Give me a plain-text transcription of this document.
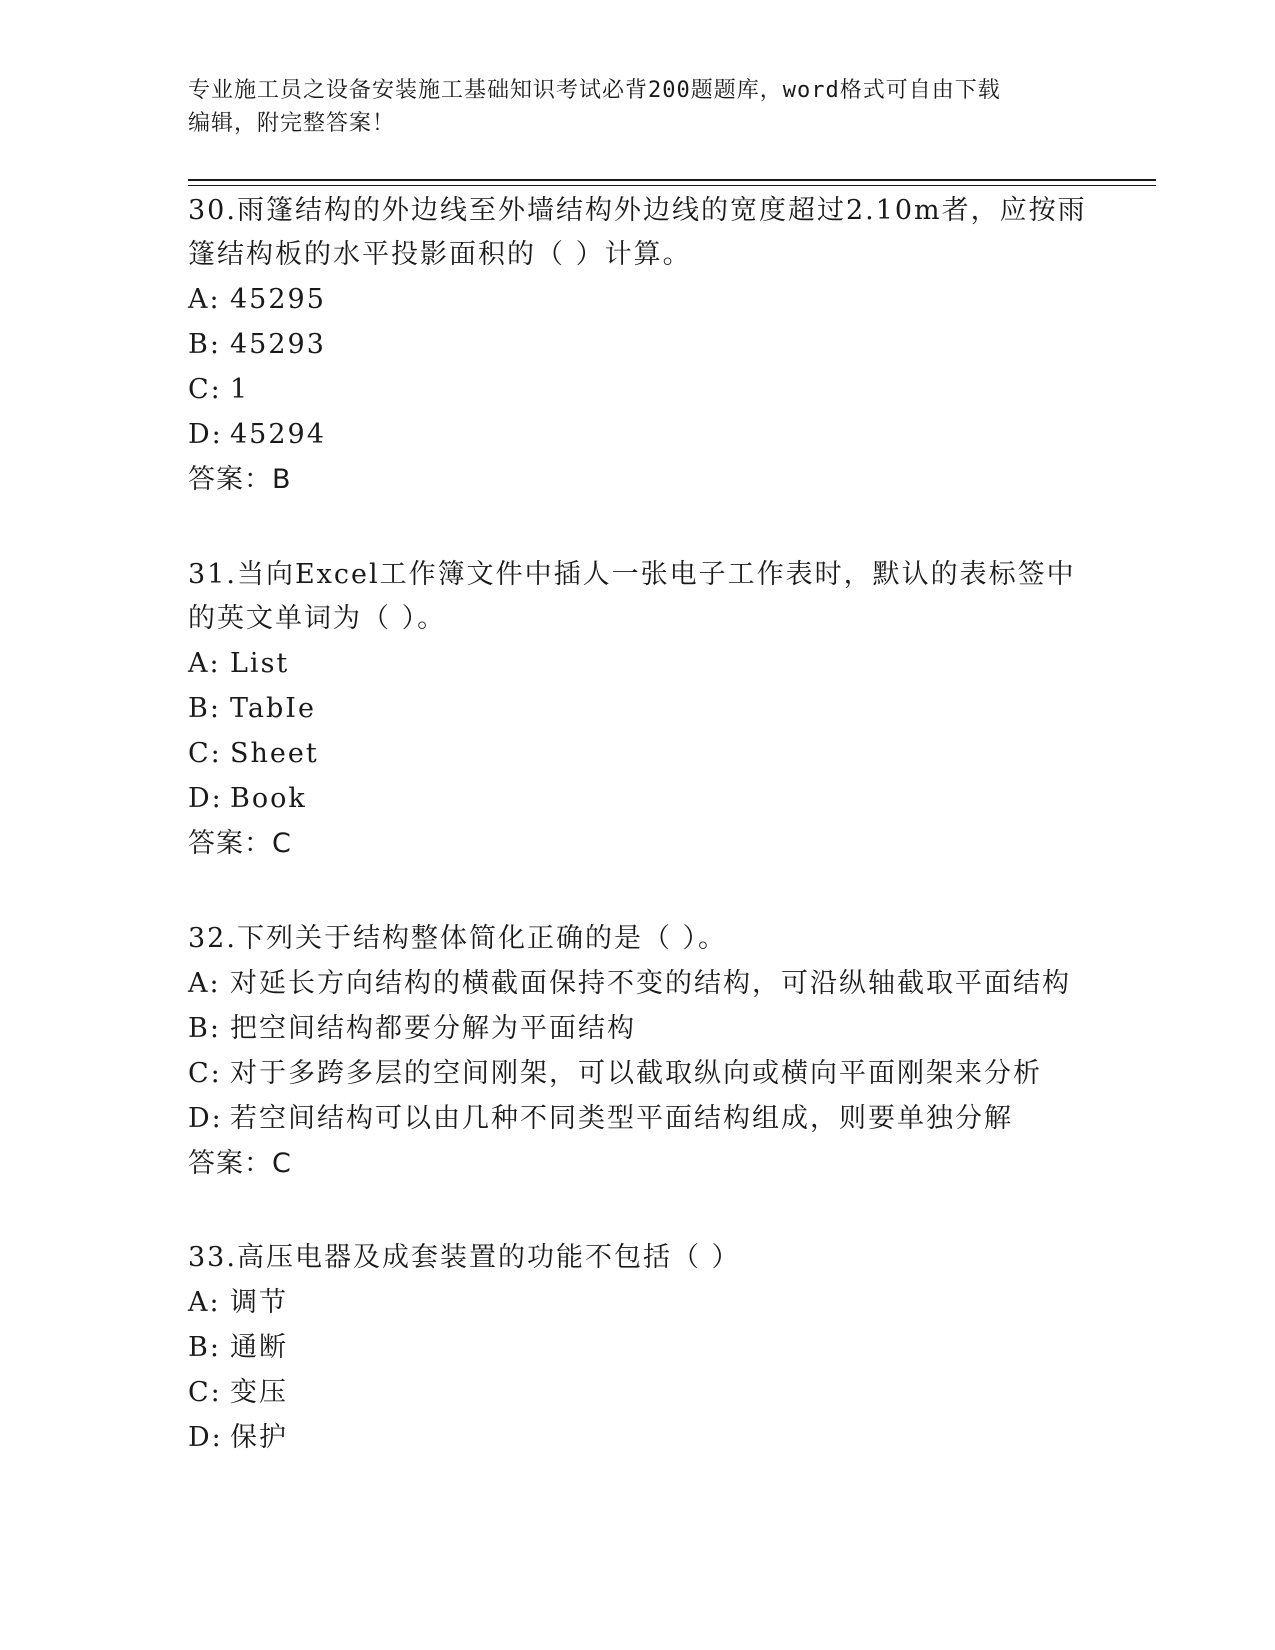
专业施工员之设备安装施工基础知识考试必背200题题库，word格式可自由下载
编辑，附完整答案！

30.雨篷结构的外边线至外墙结构外边线的宽度超过2.10m者，应按雨

篷结构板的水平投影面积的（ ）计算。

A: 45295

B: 45293

C: 1

D: 45294

答案：B

31.当向Excel工作簿文件中插人一张电子工作表时，默认的表标签中

的英文单词为（ ）。

A: List

B: TabIe

C: Sheet

D: Book

答案：C

32.下列关于结构整体简化正确的是（ ）。

A: 对延长方向结构的横截面保持不变的结构，可沿纵轴截取平面结构

B: 把空间结构都要分解为平面结构

C: 对于多跨多层的空间刚架，可以截取纵向或横向平面刚架来分析

D: 若空间结构可以由几种不同类型平面结构组成，则要单独分解

答案：C

33.高压电器及成套装置的功能不包括（ ）

A: 调节

B: 通断

C: 变压

D: 保护
